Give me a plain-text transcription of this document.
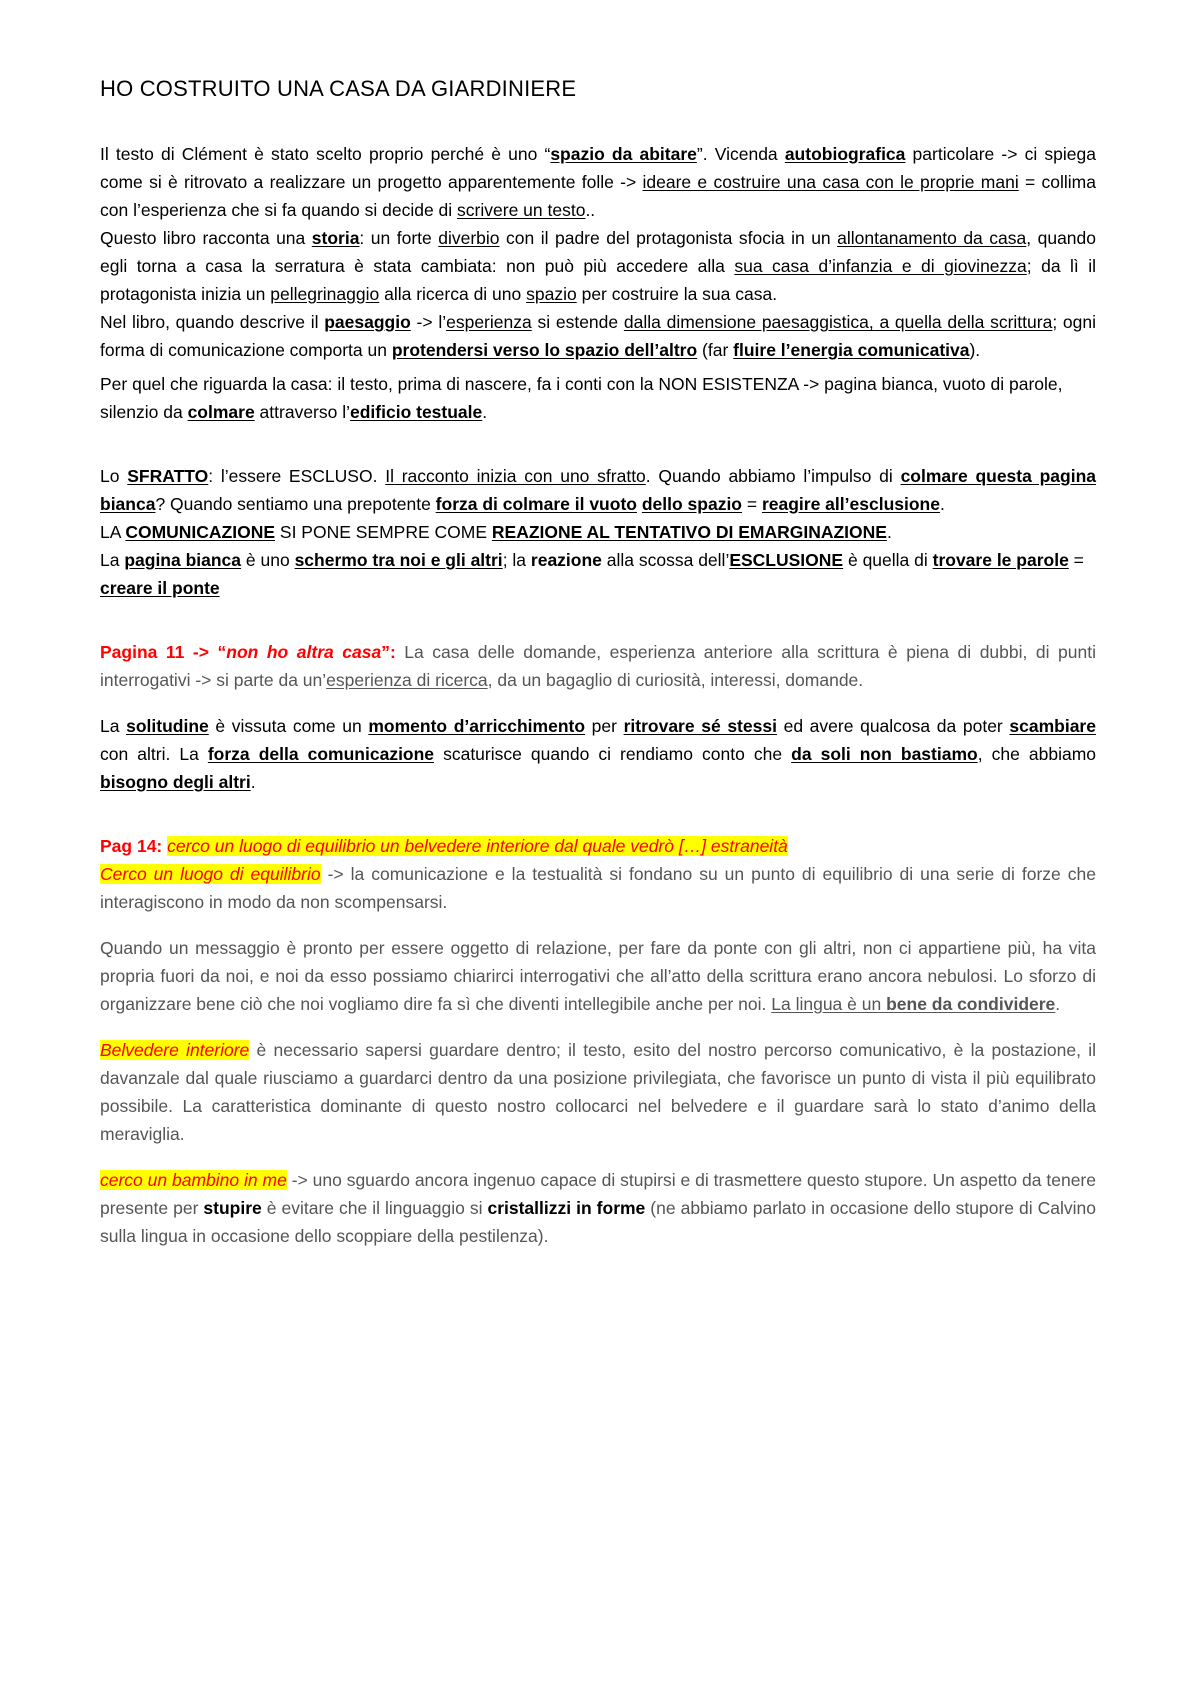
HO COSTRUITO UNA CASA DA GIARDINIERE

Il testo di Clément è stato scelto proprio perché è uno “spazio da abitare”. Vicenda autobiografica particolare -> ci spiega come si è ritrovato a realizzare un progetto apparentemente folle -> ideare e costruire una casa con le proprie mani = collima con l’esperienza che si fa quando si decide di scrivere un testo..

Questo libro racconta una storia: un forte diverbio con il padre del protagonista sfocia in un allontanamento da casa, quando egli torna a casa la serratura è stata cambiata: non può più accedere alla sua casa d’infanzia e di giovinezza; da lì il protagonista inizia un pellegrinaggio alla ricerca di uno spazio per costruire la sua casa.

Nel libro, quando descrive il paesaggio -> l’esperienza si estende dalla dimensione paesaggistica, a quella della scrittura; ogni forma di comunicazione comporta un protendersi verso lo spazio dell’altro (far fluire l’energia comunicativa).

Per quel che riguarda la casa: il testo, prima di nascere, fa i conti con la NON ESISTENZA -> pagina bianca, vuoto di parole, silenzio da colmare attraverso l’edificio testuale.

Lo SFRATTO: l’essere ESCLUSO. Il racconto inizia con uno sfratto. Quando abbiamo l’impulso di colmare questa pagina bianca? Quando sentiamo una prepotente forza di colmare il vuoto dello spazio = reagire all’esclusione.

LA COMUNICAZIONE SI PONE SEMPRE COME REAZIONE AL TENTATIVO DI EMARGINAZIONE.

La pagina bianca è uno schermo tra noi e gli altri; la reazione alla scossa dell’ESCLUSIONE è quella di trovare le parole = creare il ponte

Pagina 11 -> “non ho altra casa”: La casa delle domande, esperienza anteriore alla scrittura è piena di dubbi, di punti interrogativi -> si parte da un’esperienza di ricerca, da un bagaglio di curiosità, interessi, domande.

La solitudine è vissuta come un momento d’arricchimento per ritrovare sé stessi ed avere qualcosa da poter scambiare con altri. La forza della comunicazione scaturisce quando ci rendiamo conto che da soli non bastiamo, che abbiamo bisogno degli altri.

Pag 14: cerco un luogo di equilibrio un belvedere interiore dal quale vedrò […] estraneità

Cerco un luogo di equilibrio -> la comunicazione e la testualità si fondano su un punto di equilibrio di una serie di forze che interagiscono in modo da non scompensarsi.

Quando un messaggio è pronto per essere oggetto di relazione, per fare da ponte con gli altri, non ci appartiene più, ha vita propria fuori da noi, e noi da esso possiamo chiarirci interrogativi che all’atto della scrittura erano ancora nebulosi. Lo sforzo di organizzare bene ciò che noi vogliamo dire fa sì che diventi intellegibile anche per noi. La lingua è un bene da condividere.

Belvedere interiore è necessario sapersi guardare dentro; il testo, esito del nostro percorso comunicativo, è la postazione, il davanzale dal quale riusciamo a guardarci dentro da una posizione privilegiata, che favorisce un punto di vista il più equilibrato possibile. La caratteristica dominante di questo nostro collocarci nel belvedere e il guardare sarà lo stato d’animo della meraviglia.

cerco un bambino in me -> uno sguardo ancora ingenuo capace di stupirsi e di trasmettere questo stupore. Un aspetto da tenere presente per stupire è evitare che il linguaggio si cristallizzi in forme (ne abbiamo parlato in occasione dello stupore di Calvino sulla lingua in occasione dello scoppiare della pestilenza).
